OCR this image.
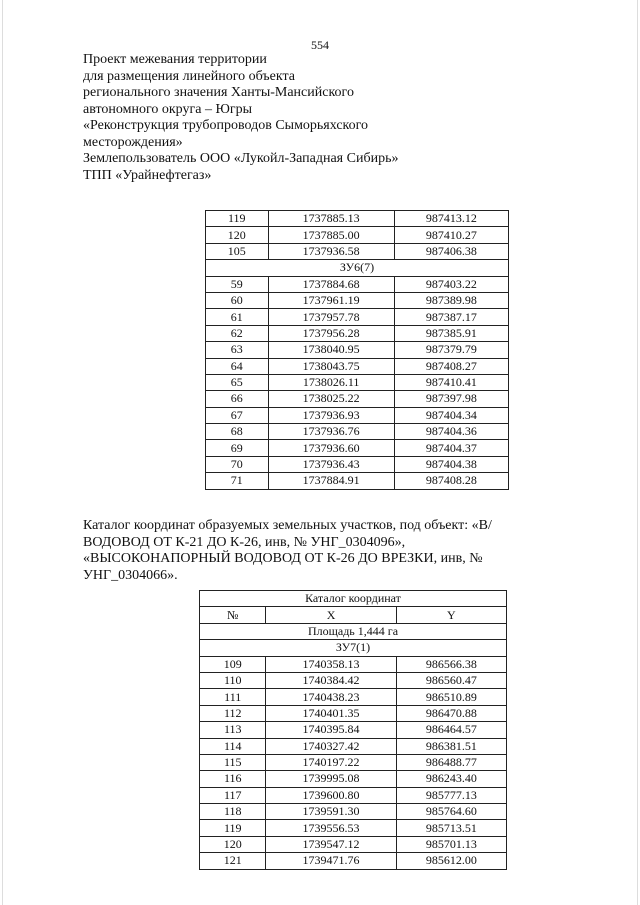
554
Проект межевания территории
для размещения линейного объекта
регионального значения Ханты-Мансийского
автономного округа – Югры
«Реконструкция трубопроводов Сыморьяхского
месторождения»
Землепользователь ООО «Лукойл-Западная Сибирь»
ТПП «Урайнефтегаз»
119	1737885.13	987413.12
120	1737885.00	987410.27
105	1737936.58	987406.38
ЗУ6(7)		
59	1737884.68	987403.22
60	1737961.19	987389.98
61	1737957.78	987387.17
62	1737956.28	987385.91
63	1738040.95	987379.79
64	1738043.75	987408.27
65	1738026.11	987410.41
66	1738025.22	987397.98
67	1737936.93	987404.34
68	1737936.76	987404.36
69	1737936.60	987404.37
70	1737936.43	987404.38
71	1737884.91	987408.28
Каталог координат образуемых земельных участков, под объект: «В/ВОДОВОД ОТ К-21 ДО К-26, инв, № УНГ_0304096», «ВЫСОКОНАПОРНЫЙ ВОДОВОД ОТ К-26 ДО ВРЕЗКИ, инв, № УНГ_0304066».
Каталог координат		
№	X	Y
Площадь 1,444 га		
ЗУ7(1)		
109	1740358.13	986566.38
110	1740384.42	986560.47
111	1740438.23	986510.89
112	1740401.35	986470.88
113	1740395.84	986464.57
114	1740327.42	986381.51
115	1740197.22	986488.77
116	1739995.08	986243.40
117	1739600.80	985777.13
118	1739591.30	985764.60
119	1739556.53	985713.51
120	1739547.12	985701.13
121	1739471.76	985612.00
